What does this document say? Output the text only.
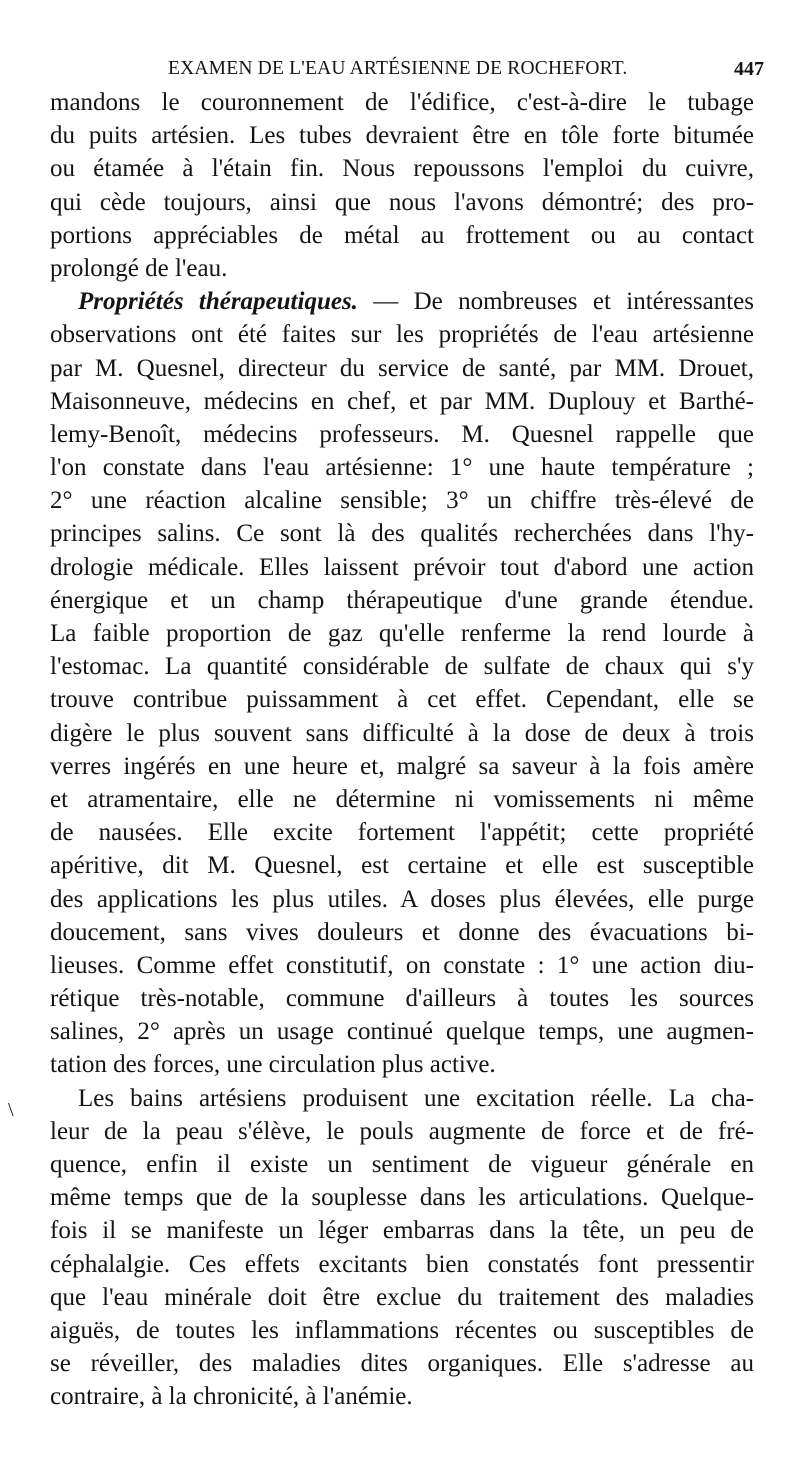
EXAMEN DE L'EAU ARTÉSIENNE DE ROCHEFORT.	447
\
mandons le couronnement de l'édifice, c'est-à-dire le tubage
du puits artésien. Les tubes devraient être en tôle forte bitumée
ou étamée à l'étain fin. Nous repoussons l'emploi du cuivre,
qui cède toujours, ainsi que nous l'avons démontré; des pro-
portions appréciables de métal au frottement ou au contact
prolongé de l'eau.
Propriétés thérapeutiques. — De nombreuses et intéressantes
observations ont été faites sur les propriétés de l'eau artésienne
par M. Quesnel, directeur du service de santé, par MM. Drouet,
Maisonneuve, médecins en chef, et par MM. Duplouy et Barthé-
lemy-Benoît, médecins professeurs. M. Quesnel rappelle que
l'on constate dans l'eau artésienne: 1° une haute température ;
2° une réaction alcaline sensible; 3° un chiffre très-élevé de
principes salins. Ce sont là des qualités recherchées dans l'hy-
drologie médicale. Elles laissent prévoir tout d'abord une action
énergique et un champ thérapeutique d'une grande étendue.
La faible proportion de gaz qu'elle renferme la rend lourde à
l'estomac. La quantité considérable de sulfate de chaux qui s'y
trouve contribue puissamment à cet effet. Cependant, elle se
digère le plus souvent sans difficulté à la dose de deux à trois
verres ingérés en une heure et, malgré sa saveur à la fois amère
et atramentaire, elle ne détermine ni vomissements ni même
de nausées. Elle excite fortement l'appétit; cette propriété
apéritive, dit M. Quesnel, est certaine et elle est susceptible
des applications les plus utiles. A doses plus élevées, elle purge
doucement, sans vives douleurs et donne des évacuations bi-
lieuses. Comme effet constitutif, on constate : 1° une action diu-
rétique très-notable, commune d'ailleurs à toutes les sources
salines, 2° après un usage continué quelque temps, une augmen-
tation des forces, une circulation plus active.
Les bains artésiens produisent une excitation réelle. La cha-
leur de la peau s'élève, le pouls augmente de force et de fré-
quence, enfin il existe un sentiment de vigueur générale en
même temps que de la souplesse dans les articulations. Quelque-
fois il se manifeste un léger embarras dans la tête, un peu de
céphalalgie. Ces effets excitants bien constatés font pressentir
que l'eau minérale doit être exclue du traitement des maladies
aiguës, de toutes les inflammations récentes ou susceptibles de
se réveiller, des maladies dites organiques. Elle s'adresse au
contraire, à la chronicité, à l'anémie.
